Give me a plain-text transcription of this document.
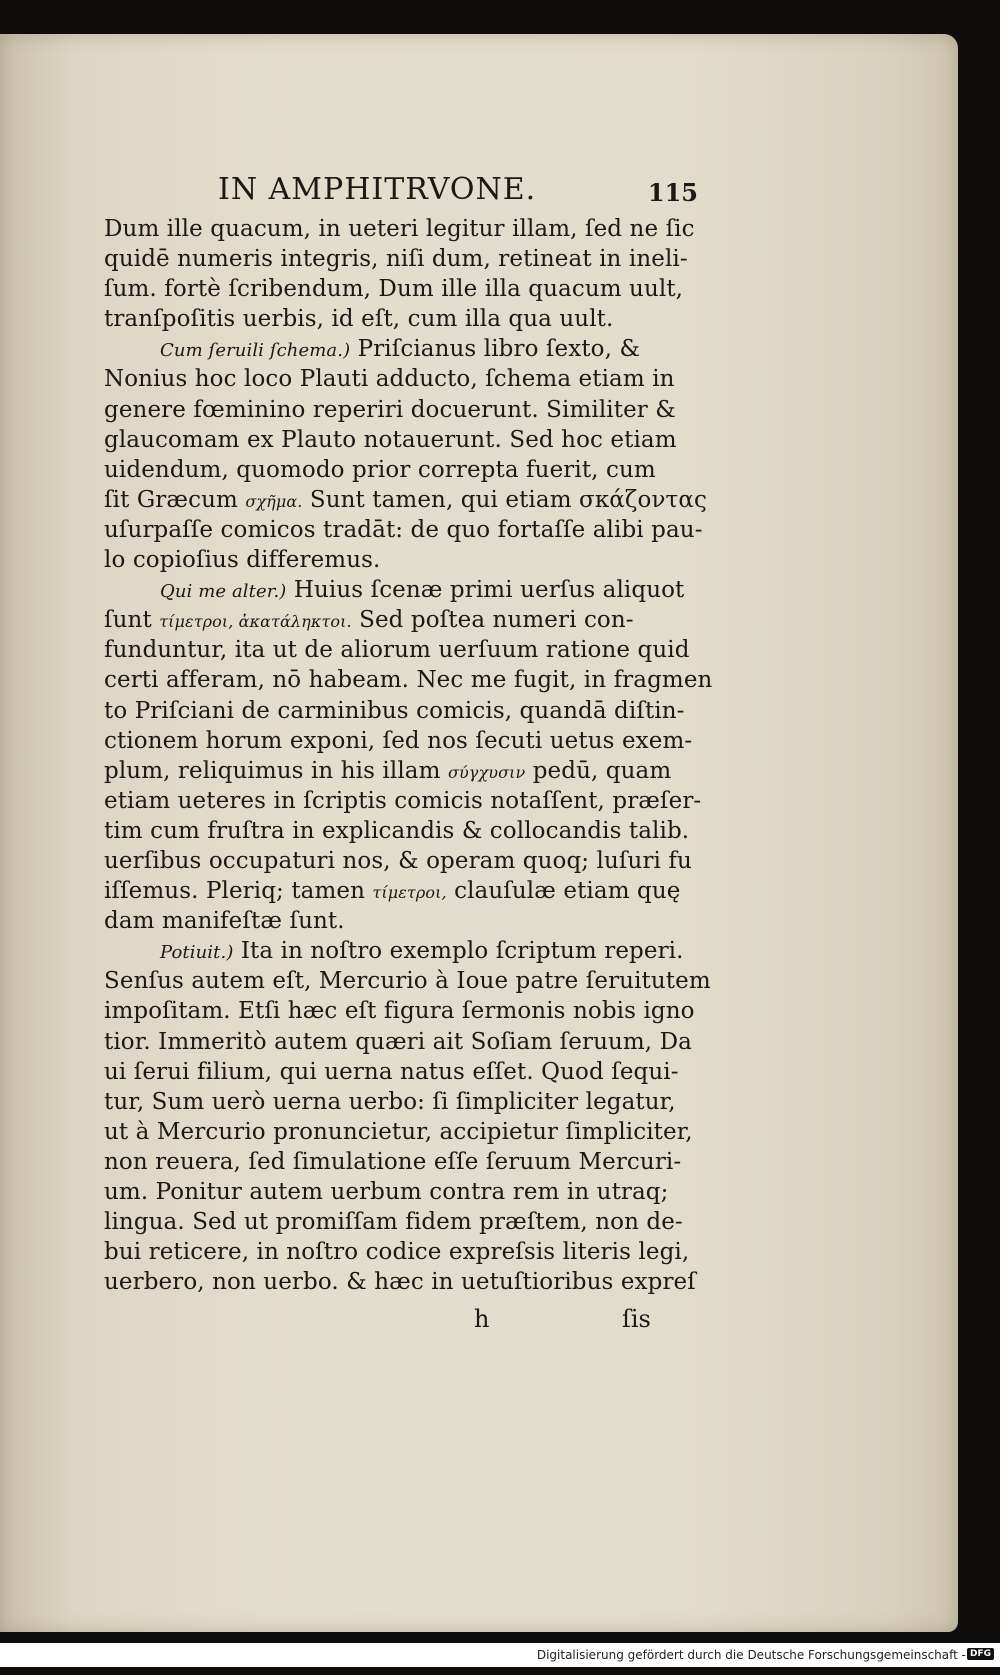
IN AMPHITRVONE.	115
Dum ille quacum, in ueteri legitur illam, ſed ne ſic
quidē numeris integris, niſi dum, retineat in ineli-
ſum. fortè ſcribendum, Dum ille illa quacum uult,
tranſpoſitis uerbis, id eſt, cum illa qua uult.
Cum ſeruili ſchema.) Priſcianus libro ſexto, &
Nonius hoc loco Plauti adducto, ſchema etiam in
genere fœminino reperiri docuerunt. Similiter &
glaucomam ex Plauto notauerunt. Sed hoc etiam
uidendum, quomodo prior correpta fuerit, cum
ſit Græcum σχῆμα. Sunt tamen, qui etiam σκάζοντας
uſurpaſſe comicos tradāt: de quo fortaſſe alibi pau-
lo copioſius differemus.
Qui me alter.) Huius ſcenæ primi uerſus aliquot
ſunt τίμετροι, ἀκατάληκτοι. Sed poſtea numeri con-
funduntur, ita ut de aliorum uerſuum ratione quid
certi afferam, nō habeam. Nec me fugit, in fragmen
to Priſciani de carminibus comicis, quandā diſtin-
ctionem horum exponi, ſed nos ſecuti uetus exem-
plum, reliquimus in his illam σύγχυσιν pedū, quam
etiam ueteres in ſcriptis comicis notaſſent, præſer-
tim cum fruſtra in explicandis & collocandis talib.
uerſibus occupaturi nos, & operam quoq; luſuri fu
iſſemus. Pleriq; tamen τίμετροι, clauſulæ etiam quę
dam manifeſtæ ſunt.
Potiuit.) Ita in noſtro exemplo ſcriptum reperi.
Senſus autem eſt, Mercurio à Ioue patre ſeruitutem
impoſitam. Etſi hæc eſt figura ſermonis nobis igno
tior. Immeritò autem quæri ait Soſiam ſeruum, Da
ui ſerui filium, qui uerna natus eſſet. Quod ſequi-
tur, Sum uerò uerna uerbo: ſi ſimpliciter legatur,
ut à Mercurio pronuncietur, accipietur ſimpliciter,
non reuera, ſed ſimulatione eſſe ſeruum Mercuri-
um. Ponitur autem uerbum contra rem in utraq;
lingua. Sed ut promiſſam fidem præſtem, non de-
bui reticere, in noſtro codice expreſsis literis legi,
uerbero, non uerbo. & hæc in uetuſtioribus expreſ
h	ſis
Digitalisierung gefördert durch die Deutsche Forschungsgemeinschaft - DFG
